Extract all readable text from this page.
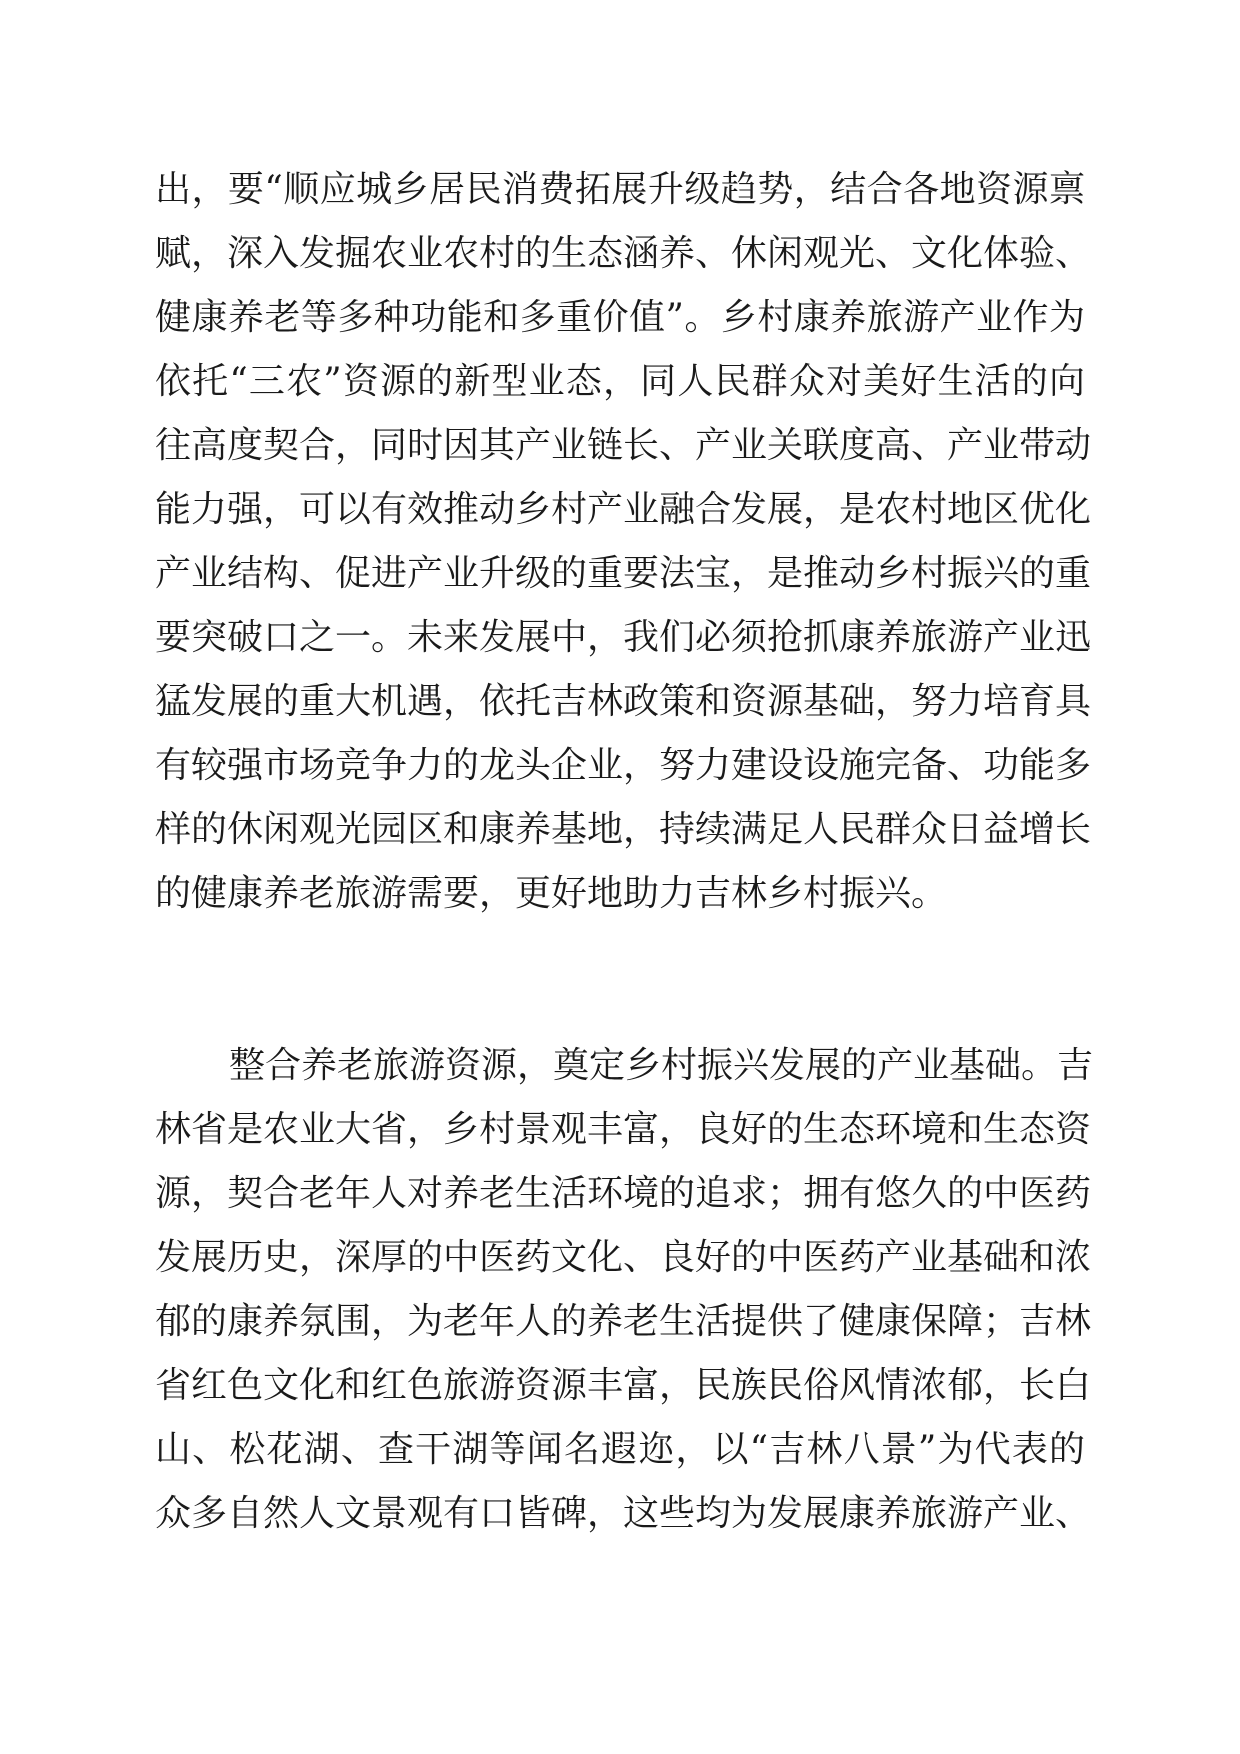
出，要“顺应城乡居民消费拓展升级趋势，结合各地资源禀
赋，深入发掘农业农村的生态涵养、休闲观光、文化体验、
健康养老等多种功能和多重价值”。乡村康养旅游产业作为
依托“三农”资源的新型业态，同人民群众对美好生活的向
往高度契合，同时因其产业链长、产业关联度高、产业带动
能力强，可以有效推动乡村产业融合发展，是农村地区优化
产业结构、促进产业升级的重要法宝，是推动乡村振兴的重
要突破口之一。未来发展中，我们必须抢抓康养旅游产业迅
猛发展的重大机遇，依托吉林政策和资源基础，努力培育具
有较强市场竞争力的龙头企业，努力建设设施完备、功能多
样的休闲观光园区和康养基地，持续满足人民群众日益增长
的健康养老旅游需要，更好地助力吉林乡村振兴。
整合养老旅游资源，奠定乡村振兴发展的产业基础。吉
林省是农业大省，乡村景观丰富，良好的生态环境和生态资
源，契合老年人对养老生活环境的追求；拥有悠久的中医药
发展历史，深厚的中医药文化、良好的中医药产业基础和浓
郁的康养氛围，为老年人的养老生活提供了健康保障；吉林
省红色文化和红色旅游资源丰富，民族民俗风情浓郁，长白
山、松花湖、查干湖等闻名遐迩，以“吉林八景”为代表的
众多自然人文景观有口皆碑，这些均为发展康养旅游产业、
